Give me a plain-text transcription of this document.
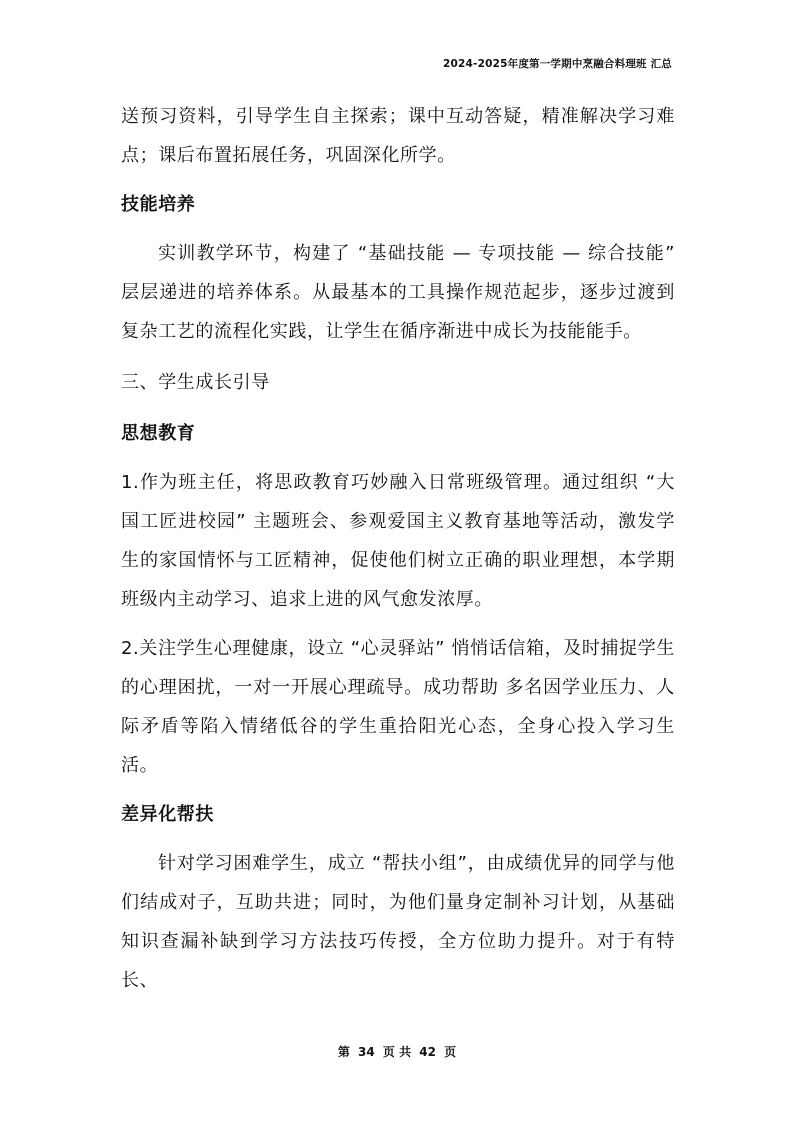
2024-2025年度第一学期中烹融合料理班 汇总

送预习资料，引导学生自主探索；课中互动答疑，精准解决学习难点；课后布置拓展任务，巩固深化所学。

技能培养

实训教学环节，构建了 “基础技能 — 专项技能 — 综合技能” 层层递进的培养体系。从最基本的工具操作规范起步，逐步过渡到复杂工艺的流程化实践，让学生在循序渐进中成长为技能能手。

三、学生成长引导

思想教育

1.作为班主任，将思政教育巧妙融入日常班级管理。通过组织 “大国工匠进校园” 主题班会、参观爱国主义教育基地等活动，激发学生的家国情怀与工匠精神，促使他们树立正确的职业理想，本学期班级内主动学习、追求上进的风气愈发浓厚。

2.关注学生心理健康，设立 “心灵驿站” 悄悄话信箱，及时捕捉学生的心理困扰，一对一开展心理疏导。成功帮助 多名因学业压力、人际矛盾等陷入情绪低谷的学生重拾阳光心态，全身心投入学习生活。

差异化帮扶

针对学习困难学生，成立 “帮扶小组”，由成绩优异的同学与他们结成对子，互助共进；同时，为他们量身定制补习计划，从基础知识查漏补缺到学习方法技巧传授，全方位助力提升。对于有特长、

第 34 页 共 42 页
